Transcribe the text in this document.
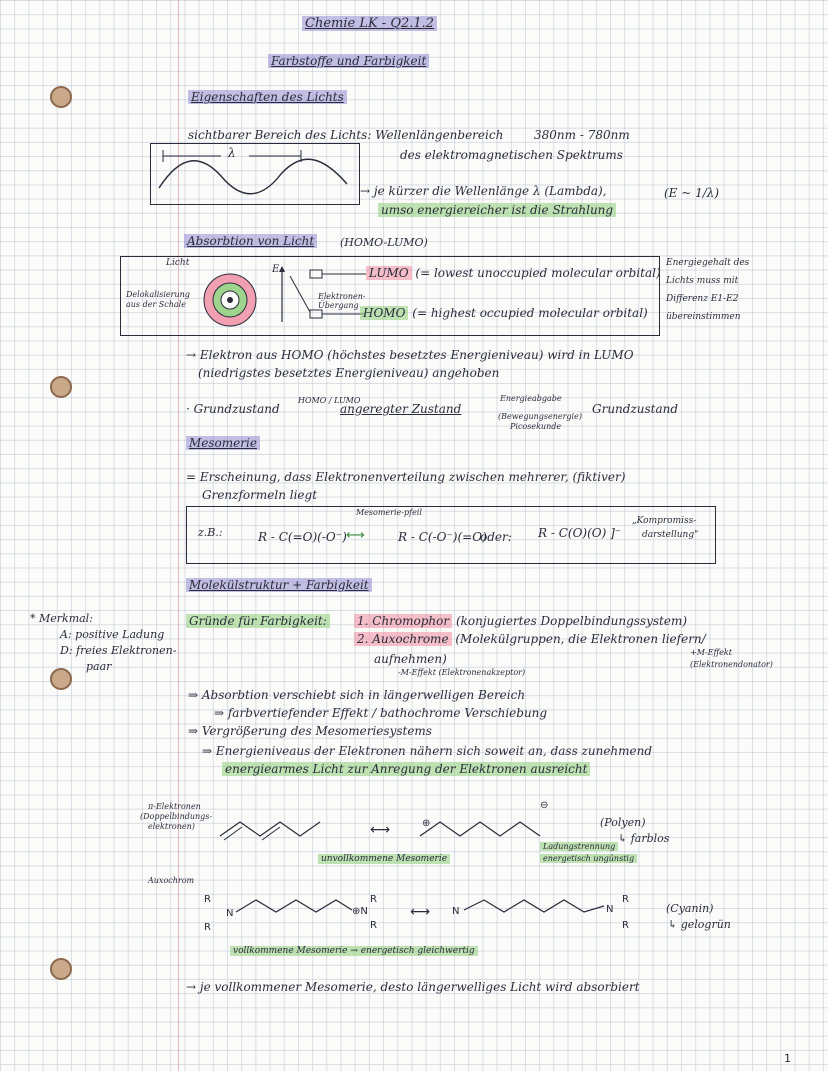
Chemie LK - Q2.1.2
Farbstoffe und Farbigkeit
Eigenschaften des Lichts
sichtbarer Bereich des Lichts: Wellenlängenbereich	380nm - 780nm
des elektromagnetischen Spektrums
λ
→ je kürzer die Wellenlänge λ (Lambda),
umso energiereicher ist die Strahlung
(E ~ 1/λ)
Absorbtion von Licht (HOMO-LUMO)
Licht
Delokalisierung
aus der Schale
E	LUMO (= lowest unoccupied molecular orbital)
HOMO (= highest occupied molecular orbital)
Elektronen-
Übergang
Energiegehalt des
Lichts muss mit
Differenz E1-E2
übereinstimmen
→ Elektron aus HOMO (höchstes besetztes Energieniveau) wird in LUMO
(niedrigstes besetztes Energieniveau) angehoben
· Grundzustand
HOMO / LUMO
angeregter Zustand
Energieabgabe
(Bewegungsenergie)
Picosekunde
Grundzustand
Mesomerie
= Erscheinung, dass Elektronenverteilung zwischen mehrerer, (fiktiver)
Grenzformeln liegt
z.B.:	R - C(=O)(-O⁻)
Mesomerie-pfeil
⟷	R - C(-O⁻)(=O)
oder: R - C(O)(O) ]⁻
„Kompromiss-
darstellung"
Molekülstruktur + Farbigkeit
Gründe für Farbigkeit:	1. Chromophor (konjugiertes Doppelbindungssystem)
2. Auxochrome (Molekülgruppen, die Elektronen liefern/
aufnehmen)
-M-Effekt (Elektronenakzeptor)
+M-Effekt
(Elektronendonator)
* Merkmal:
A: positive Ladung
D: freies Elektronen-
paar
⇒ Absorbtion verschiebt sich in längerwelligen Bereich
⇒ farbvertiefender Effekt / bathochrome Verschiebung
⇒ Vergrößerung des Mesomeriesystems
⇒ Energieniveaus der Elektronen nähern sich soweit an, dass zunehmend
energiearmes Licht zur Anregung der Elektronen ausreicht
π-Elektronen
(Doppelbindungs-
elektronen)	⟷	⊕
⊖
unvollkommene Mesomerie
(Polyen)
↳ farblos
Ladungstrennung
energetisch ungünstig
Auxochrom
R
N
R
⊕N
R
R
⟷ N	N
R
R
vollkommene Mesomerie → energetisch gleichwertig
(Cyanin)
↳ gelogrün
→ je vollkommener Mesomerie, desto längerwelliges Licht wird absorbiert
1
